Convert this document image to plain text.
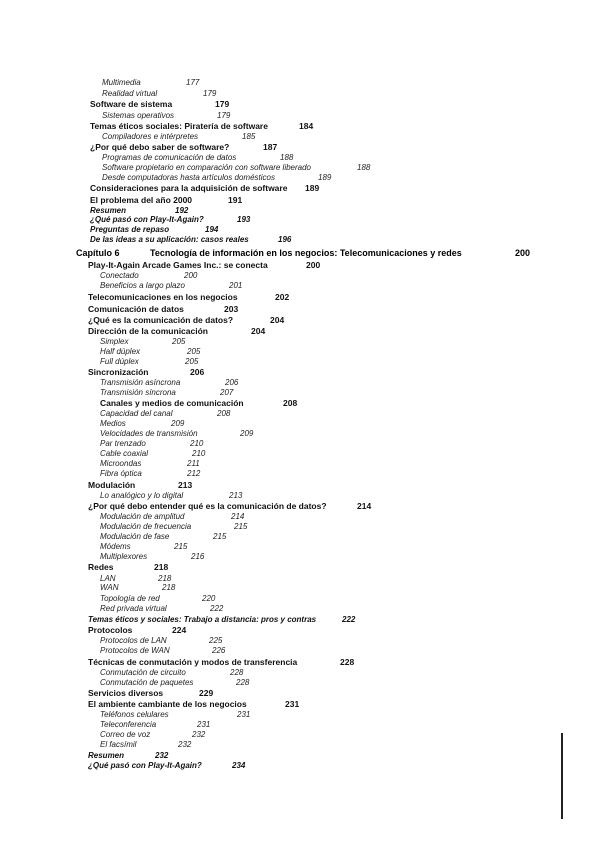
Multimedia	177
Realidad virtual	179
Software de sistema	179
Sistemas operativos	179
Temas éticos sociales: Piratería de software	184
Compiladores e intérpretes	185
¿Por qué debo saber de software?	187
Programas de comunicación de datos	188
Software propietario en comparación con software liberado	188
Desde computadoras hasta artículos domésticos	189
Consideraciones para la adquisición de software 189
El problema del año 2000	191
Resumen	192
¿Qué pasó con Play-It-Again?	193
Preguntas de repaso	194
De las ideas a su aplicación: casos reales	196
Capítulo 6	Tecnología de información en los negocios: Telecomunicaciones y redes	200
Play-It-Again Arcade Games Inc.: se conecta	200
Conectado	200
Beneficios a largo plazo	201
Telecomunicaciones en los negocios	202
Comunicación de datos	203
¿Qué es la comunicación de datos?	204
Dirección de la comunicación	204
Simplex	205
Half dúplex	205
Full dúplex	205
Sincronización	206
Transmisión asíncrona	206
Transmisión síncrona	207
Canales y medios de comunicación	208
Capacidad del canal	208
Medios	209
Velocidades de transmisión	209
Par trenzado	210
Cable coaxial	210
Microondas	211
Fibra óptica	212
Modulación	213
Lo analógico y lo digital	213
¿Por qué debo entender qué es la comunicación de datos?	214
Modulación de amplitud	214
Modulación de frecuencia	215
Modulación de fase	215
Módems	215
Multiplexores	216
Redes	218
LAN	218
WAN	218
Topología de red	220
Red privada virtual	222
Temas éticos y sociales: Trabajo a distancia: pros y contras	222
Protocolos	224
Protocolos de LAN	225
Protocolos de WAN	226
Técnicas de conmutación y modos de transferencia	228
Conmutación de circuito	228
Conmutación de paquetes	228
Servicios diversos	229
El ambiente cambiante de los negocios	231
Teléfonos celulares	231
Teleconferencia	231
Correo de voz	232
El facsímil	232
Resumen	232
¿Qué pasó con Play-It-Again?	234
